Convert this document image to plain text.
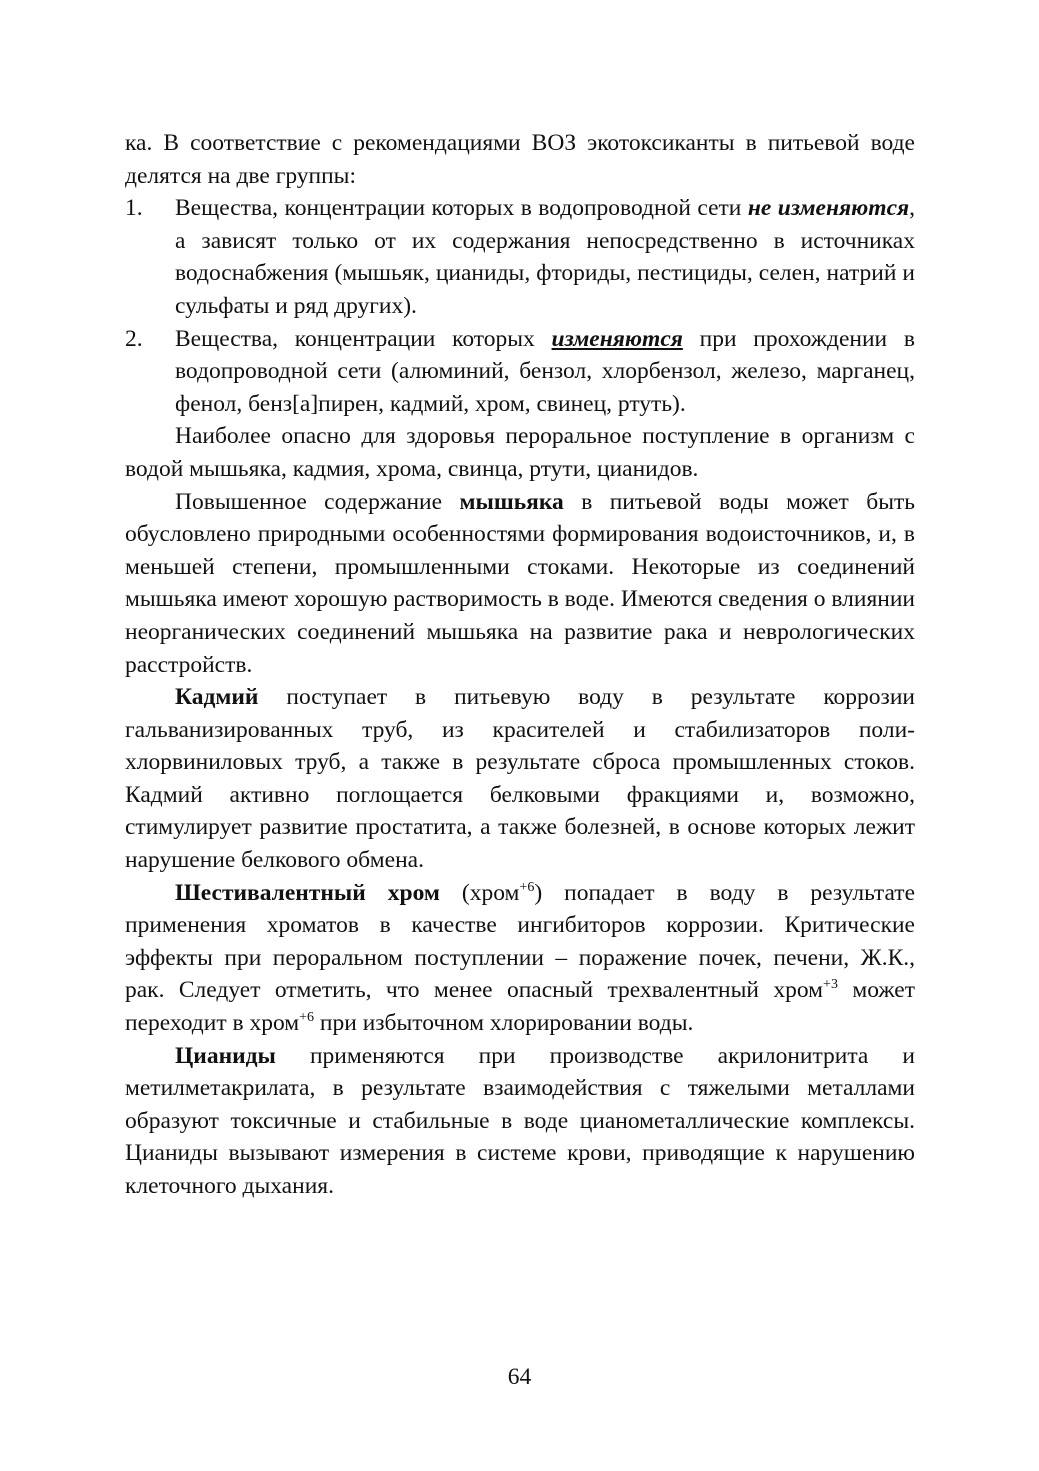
ка. В соответствие с рекомендациями ВОЗ экотоксиканты в питьевой воде делятся на две группы:

1. Вещества, концентрации которых в водопроводной сети не изменяются, а зависят только от их содержания непосредственно в источниках водоснабжения (мышьяк, цианиды, фториды, пестициды, селен, натрий и сульфаты и ряд других).

2. Вещества, концентрации которых изменяются при прохождении в водопроводной сети (алюминий, бензол, хлорбензол, железо, марганец, фенол, бенз[а]пирен, кадмий, хром, свинец, ртуть).

Наиболее опасно для здоровья пероральное поступление в организм с водой мышьяка, кадмия, хрома, свинца, ртути, цианидов.

Повышенное содержание мышьяка в питьевой воды может быть обусловлено природными особенностями формирования водоисточников, и, в меньшей степени, промышленными стоками. Некоторые из соединений мышьяка имеют хорошую растворимость в воде. Имеются сведения о влиянии неорганических соединений мышьяка на развитие рака и неврологических расстройств.

Кадмий поступает в питьевую воду в результате коррозии гальванизированных труб, из красителей и стабилизаторов полихлорвиниловых труб, а также в результате сброса промышленных стоков. Кадмий активно поглощается белковыми фракциями и, возможно, стимулирует развитие простатита, а также болезней, в основе которых лежит нарушение белкового обмена.

Шестивалентный хром (хром$^{+6}$) попадает в воду в результате применения хроматов в качестве ингибиторов коррозии. Критические эффекты при пероральном поступлении – поражение почек, печени, Ж.К., рак. Следует отметить, что менее опасный трехвалентный хром$^{+3}$ может переходит в хром$^{+6}$ при избыточном хлорировании воды.

Цианиды применяются при производстве акрилонитрита и метилметакрилата, в результате взаимодействия с тяжелыми металлами образуют токсичные и стабильные в воде цианометаллические комплексы. Цианиды вызывают измерения в системе крови, приводящие к нарушению клеточного дыхания.

64
